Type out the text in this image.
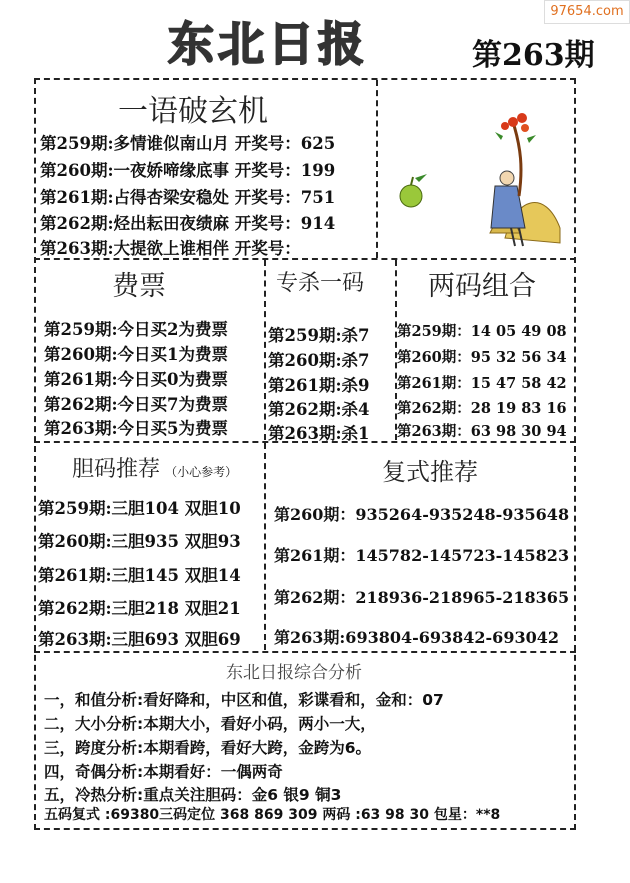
97654.com
东北日报	第263期
一语破玄机
第259期:多情谁似南山月 开奖号：625
第260期:一夜娇啼缘底事 开奖号：199
第261期:占得杏梁安稳处 开奖号：751
第262期:烃出耘田夜绩麻 开奖号：914
第263期:大提欲上谁相伴 开奖号：
费票
第259期:今日买2为费票
第260期:今日买1为费票
第261期:今日买0为费票
第262期:今日买7为费票
第263期:今日买5为费票
专杀一码
第259期:杀7
第260期:杀7
第261期:杀9
第262期:杀4
第263期:杀1
两码组合
第259期：14 05 49 08
第260期：95 32 56 34
第261期：15 47 58 42
第262期：28 19 83 16
第263期：63 98 30 94
胆码推荐 （小心参考）
第259期:三胆104 双胆10
第260期:三胆935 双胆93
第261期:三胆145 双胆14
第262期:三胆218 双胆21
第263期:三胆693 双胆69
复式推荐
第260期：935264-935248-935648
第261期：145782-145723-145823
第262期：218936-218965-218365
第263期:693804-693842-693042
东北日报综合分析
一，和值分析:看好降和，中区和值，彩谍看和，金和：07
二，大小分析:本期大小，看好小码，两小一大，
三，跨度分析:本期看跨，看好大跨，金跨为6。
四，奇偶分析:本期看好：一偶两奇
五，冷热分析:重点关注胆码：金6 银9 铜3
五码复式 :69380三码定位 368 869 309 两码 :63 98 30 包星：**8
